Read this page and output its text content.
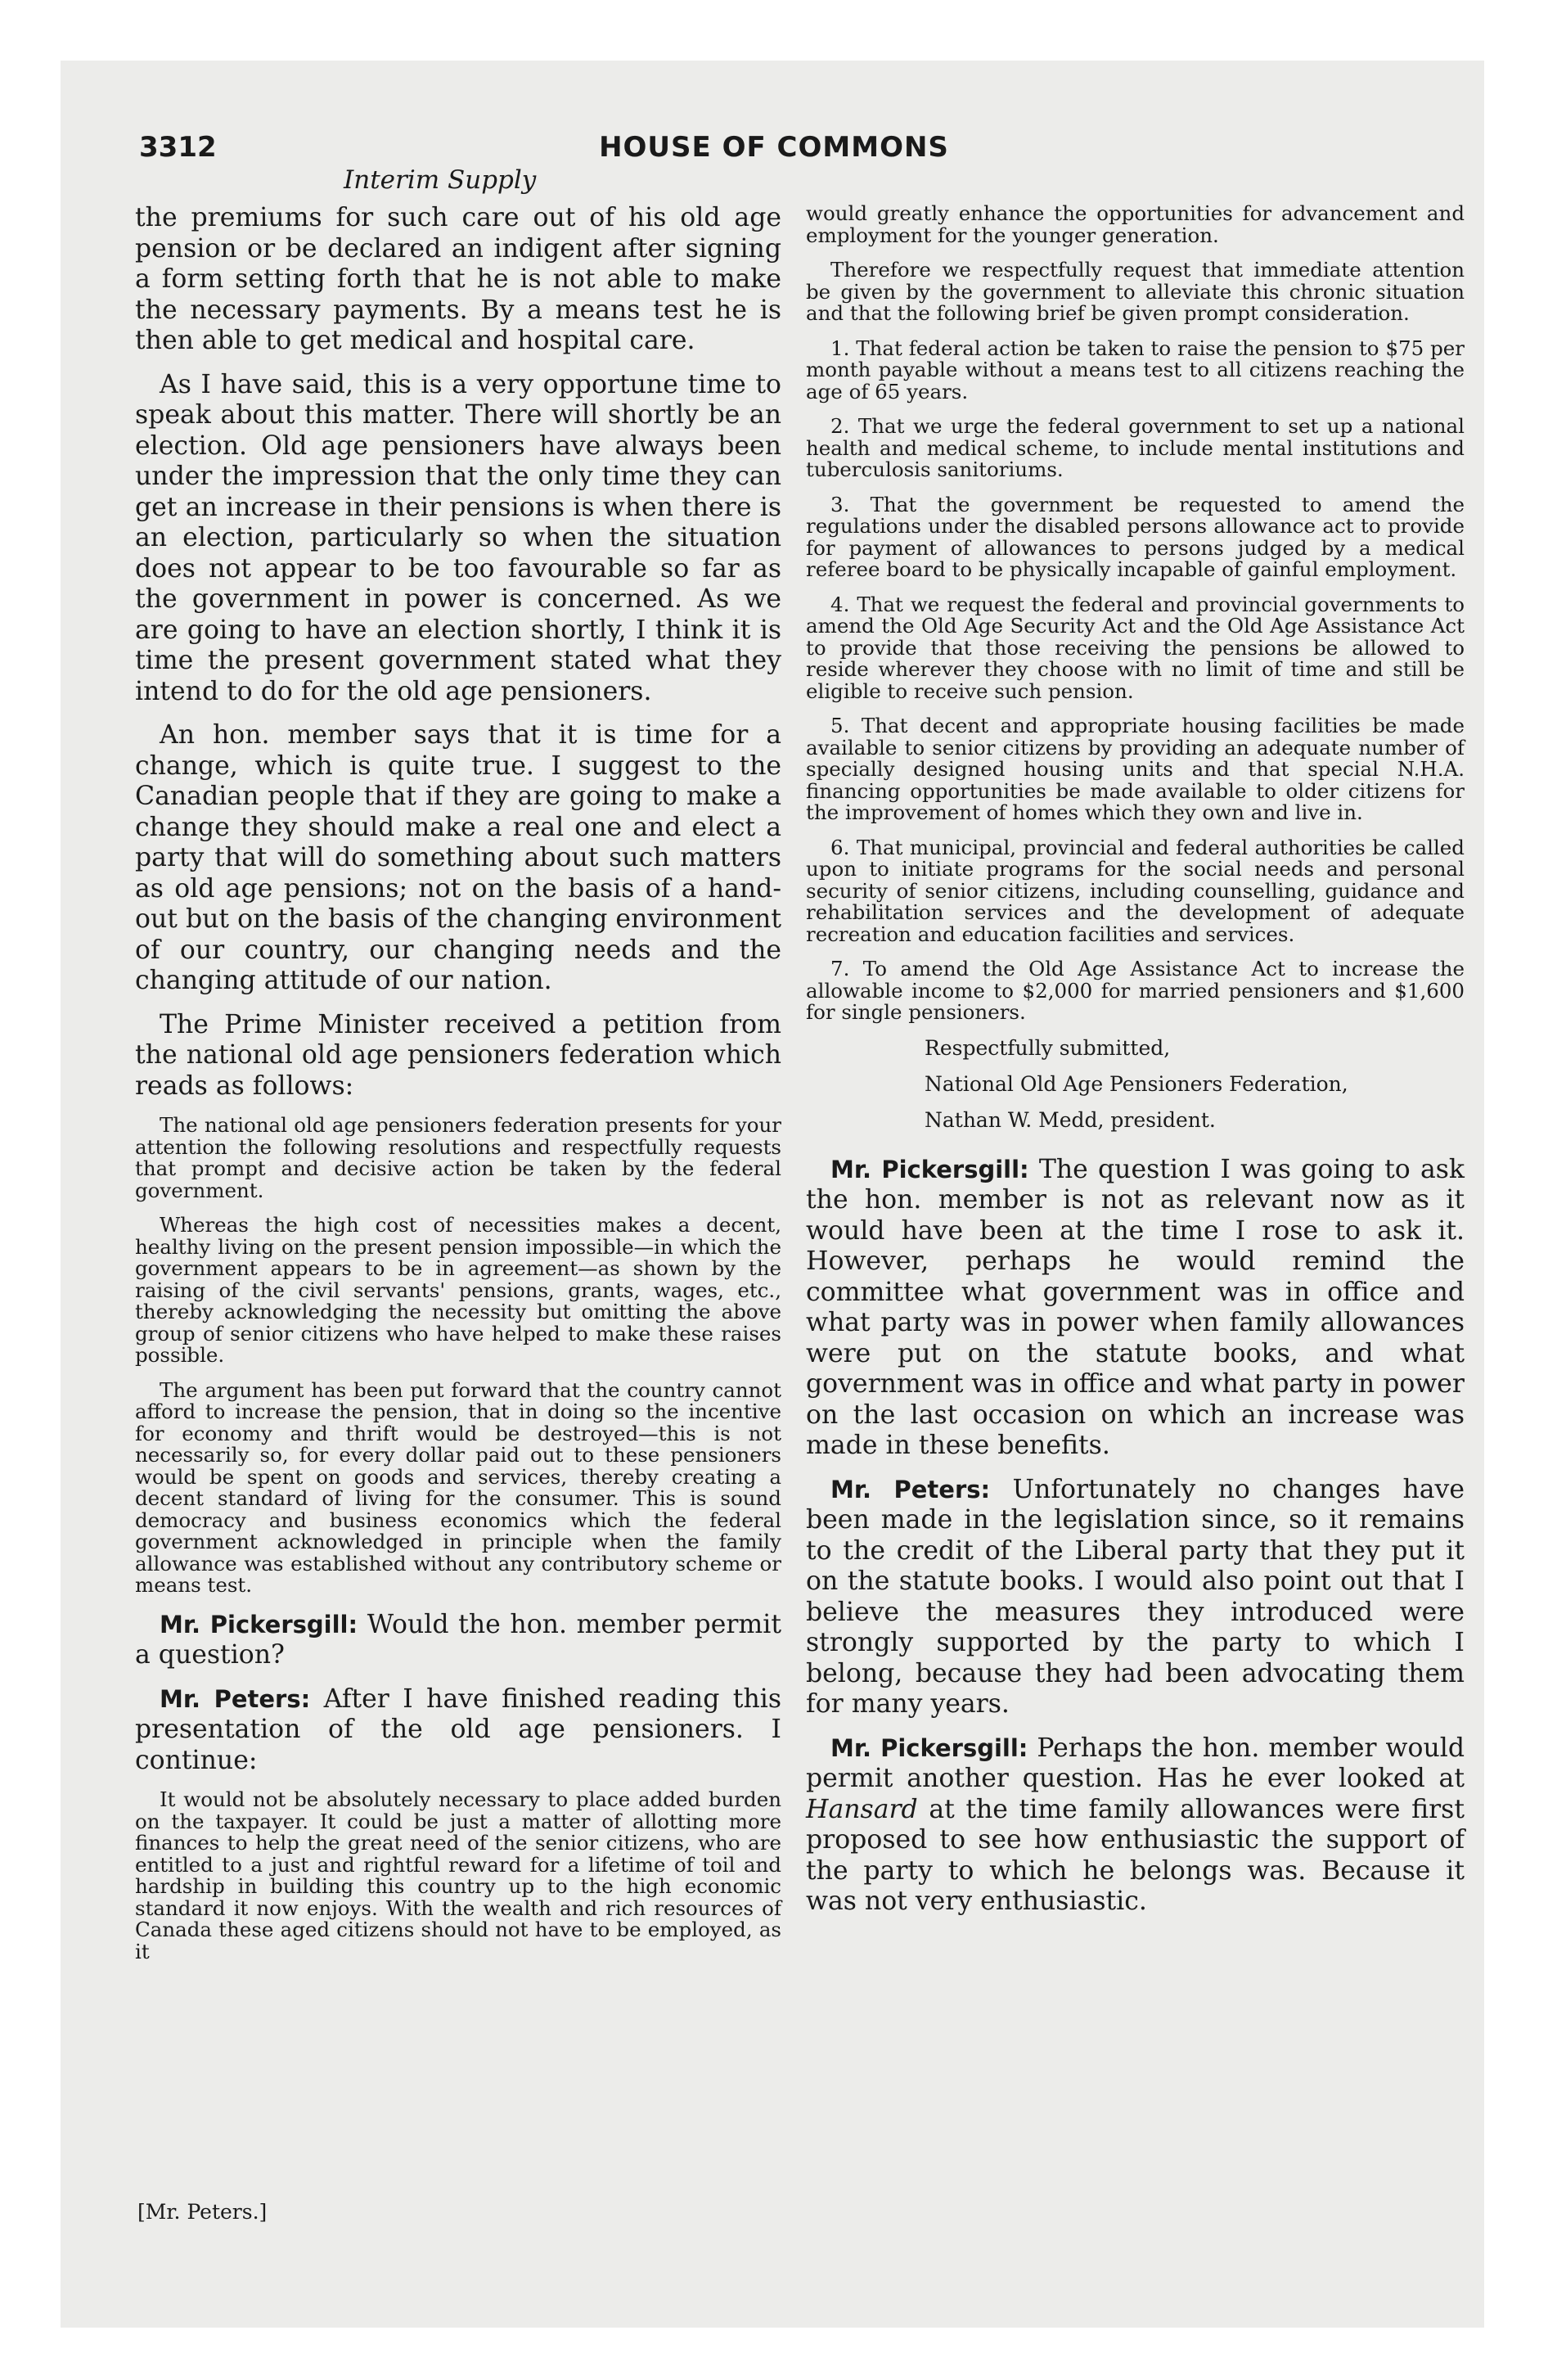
3312	HOUSE OF COMMONS
Interim Supply

the premiums for such care out of his old age pension or be declared an indigent after signing a form setting forth that he is not able to make the necessary payments. By a means test he is then able to get medical and hospital care.

As I have said, this is a very opportune time to speak about this matter. There will shortly be an election. Old age pensioners have always been under the impression that the only time they can get an increase in their pensions is when there is an election, particularly so when the situation does not appear to be too favourable so far as the government in power is concerned. As we are going to have an election shortly, I think it is time the present government stated what they intend to do for the old age pensioners.

An hon. member says that it is time for a change, which is quite true. I suggest to the Canadian people that if they are going to make a change they should make a real one and elect a party that will do something about such matters as old age pensions; not on the basis of a hand-out but on the basis of the changing environment of our country, our changing needs and the changing attitude of our nation.

The Prime Minister received a petition from the national old age pensioners federation which reads as follows:

The national old age pensioners federation presents for your attention the following resolutions and respectfully requests that prompt and decisive action be taken by the federal government.

Whereas the high cost of necessities makes a decent, healthy living on the present pension impossible—in which the government appears to be in agreement—as shown by the raising of the civil servants' pensions, grants, wages, etc., thereby acknowledging the necessity but omitting the above group of senior citizens who have helped to make these raises possible.

The argument has been put forward that the country cannot afford to increase the pension, that in doing so the incentive for economy and thrift would be destroyed—this is not necessarily so, for every dollar paid out to these pensioners would be spent on goods and services, thereby creating a decent standard of living for the consumer. This is sound democracy and business economics which the federal government acknowledged in principle when the family allowance was established without any contributory scheme or means test.

Mr. Pickersgill: Would the hon. member permit a question?

Mr. Peters: After I have finished reading this presentation of the old age pensioners. I continue:

It would not be absolutely necessary to place added burden on the taxpayer. It could be just a matter of allotting more finances to help the great need of the senior citizens, who are entitled to a just and rightful reward for a lifetime of toil and hardship in building this country up to the high economic standard it now enjoys. With the wealth and rich resources of Canada these aged citizens should not have to be employed, as it

[Mr. Peters.]

would greatly enhance the opportunities for advancement and employment for the younger generation.

Therefore we respectfully request that immediate attention be given by the government to alleviate this chronic situation and that the following brief be given prompt consideration.

1. That federal action be taken to raise the pension to $75 per month payable without a means test to all citizens reaching the age of 65 years.

2. That we urge the federal government to set up a national health and medical scheme, to include mental institutions and tuberculosis sanitoriums.

3. That the government be requested to amend the regulations under the disabled persons allowance act to provide for payment of allowances to persons judged by a medical referee board to be physically incapable of gainful employment.

4. That we request the federal and provincial governments to amend the Old Age Security Act and the Old Age Assistance Act to provide that those receiving the pensions be allowed to reside wherever they choose with no limit of time and still be eligible to receive such pension.

5. That decent and appropriate housing facilities be made available to senior citizens by providing an adequate number of specially designed housing units and that special N.H.A. financing opportunities be made available to older citizens for the improvement of homes which they own and live in.

6. That municipal, provincial and federal authorities be called upon to initiate programs for the social needs and personal security of senior citizens, including counselling, guidance and rehabilitation services and the development of adequate recreation and education facilities and services.

7. To amend the Old Age Assistance Act to increase the allowable income to $2,000 for married pensioners and $1,600 for single pensioners.

Respectfully submitted,

National Old Age Pensioners Federation,

Nathan W. Medd, president.

Mr. Pickersgill: The question I was going to ask the hon. member is not as relevant now as it would have been at the time I rose to ask it. However, perhaps he would remind the committee what government was in office and what party was in power when family allowances were put on the statute books, and what government was in office and what party in power on the last occasion on which an increase was made in these benefits.

Mr. Peters: Unfortunately no changes have been made in the legislation since, so it remains to the credit of the Liberal party that they put it on the statute books. I would also point out that I believe the measures they introduced were strongly supported by the party to which I belong, because they had been advocating them for many years.

Mr. Pickersgill: Perhaps the hon. member would permit another question. Has he ever looked at Hansard at the time family allowances were first proposed to see how enthusiastic the support of the party to which he belongs was. Because it was not very enthusiastic.
